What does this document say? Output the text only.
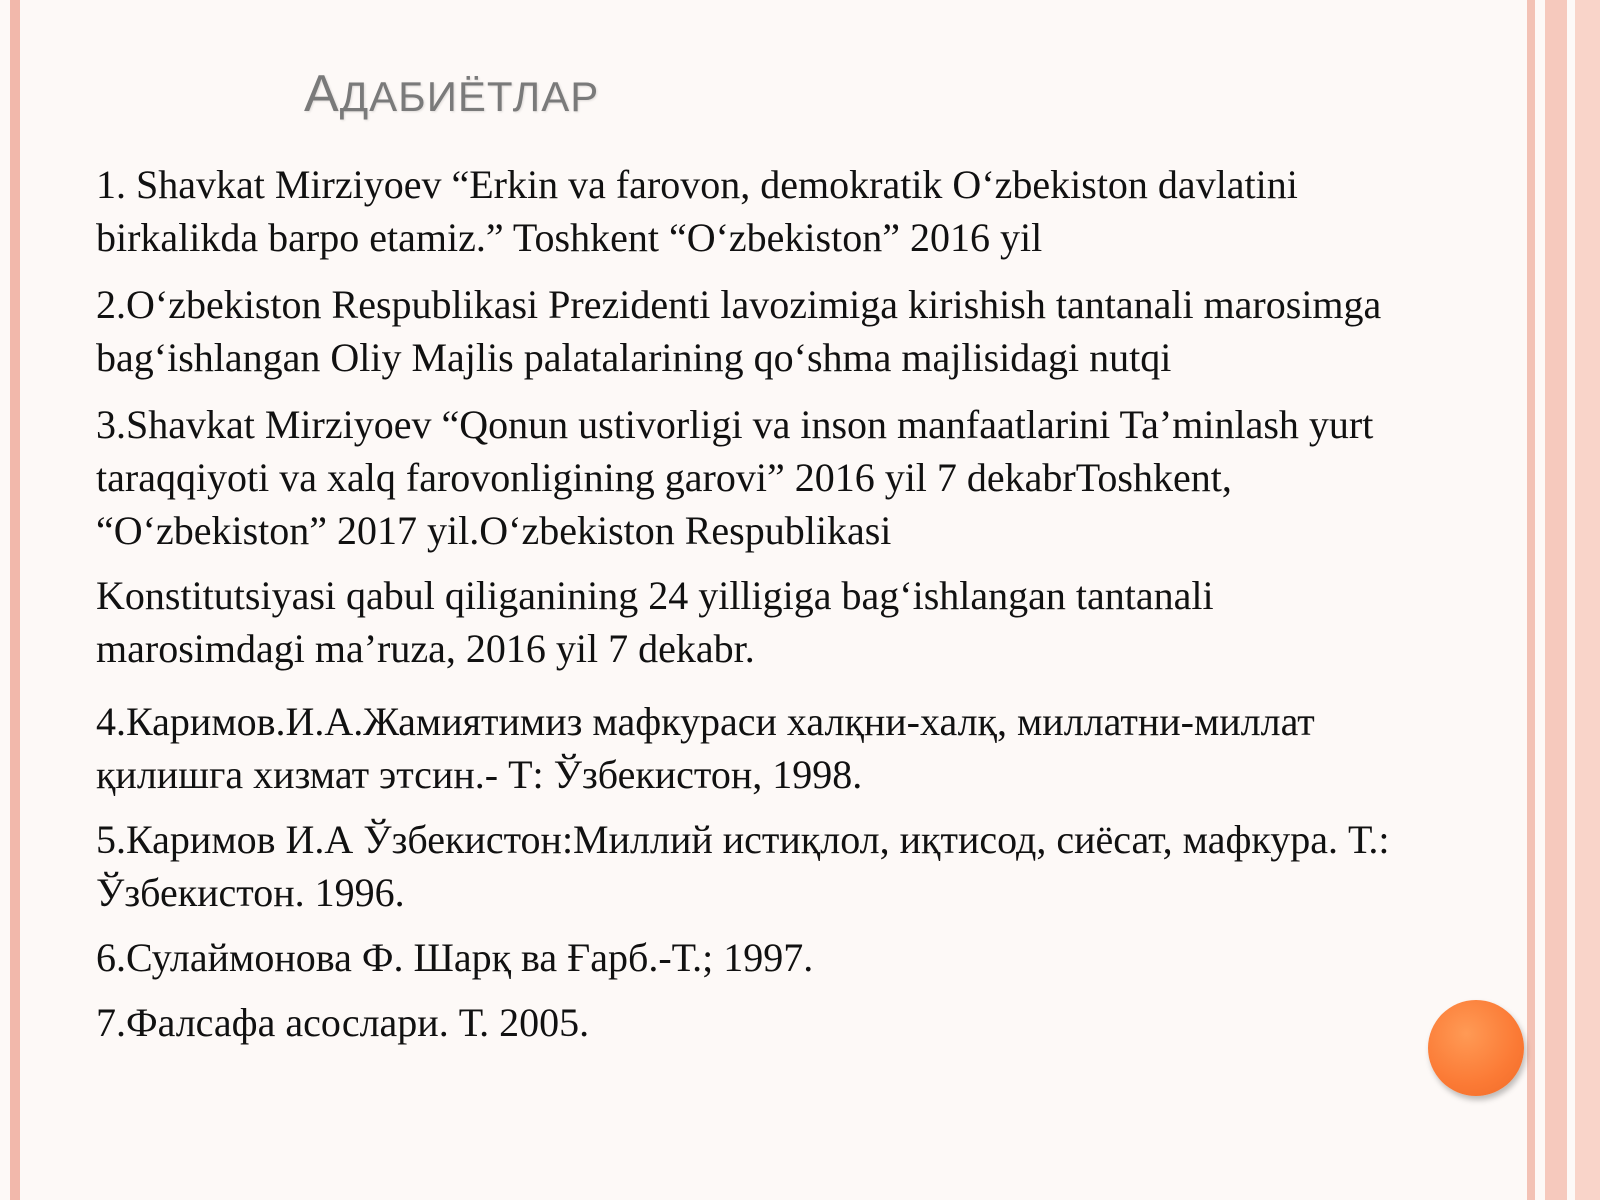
АДАБИЁТЛАР

1. Shavkat Mirziyoev “Erkin va farovon, demokratik O‘zbekiston davlatini birkalikda barpo etamiz.” Toshkent “O‘zbekiston” 2016 yil

2.O‘zbekiston Respublikasi Prezidenti lavozimiga kirishish tantanali marosimga bag‘ishlangan Oliy Majlis palatalarining qo‘shma majlisidagi nutqi

3.Shavkat Mirziyoev “Qonun ustivorligi va inson manfaatlarini Ta’minlash yurt taraqqiyoti va xalq farovonligining garovi” 2016 yil 7 dekabrToshkent, “O‘zbekiston” 2017 yil.O‘zbekiston Respublikasi

Konstitutsiyasi qabul qiliganining 24 yilligiga bag‘ishlangan tantanali marosimdagi ma’ruza, 2016 yil 7 dekabr.

4.Каримов.И.А.Жамиятимиз мафкураси халқни-халқ, миллатни-миллат қилишга хизмат этсин.- Т: Ўзбекистон, 1998.

5.Каримов И.А Ўзбекистон:Миллий истиқлол, иқтисод, сиёсат, мафкура. Т.: Ўзбекистон. 1996.

6.Сулаймонова Ф. Шарқ ва Ғарб.-Т.; 1997.

7.Фалсафа асослари. Т. 2005.
